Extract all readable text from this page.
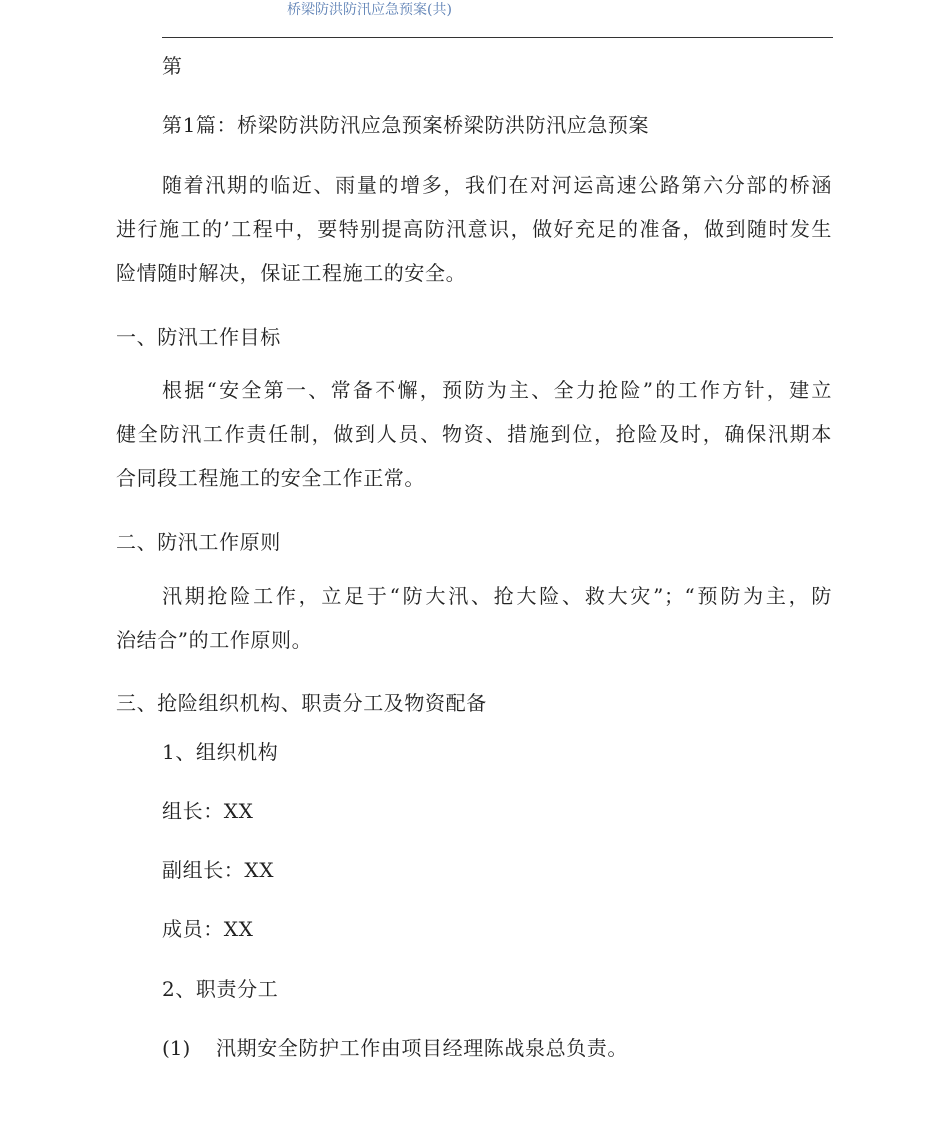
桥梁防洪防汛应急预案(共)
第
第1篇：桥梁防洪防汛应急预案桥梁防洪防汛应急预案
随着汛期的临近、雨量的增多，我们在对河运高速公路第六分部的桥涵
进行施工的’工程中，要特别提高防汛意识，做好充足的准备，做到随时发生
险情随时解决，保证工程施工的安全。
一、防汛工作目标
根据“安全第一、常备不懈，预防为主、全力抢险”的工作方针，建立
健全防汛工作责任制，做到人员、物资、措施到位，抢险及时，确保汛期本
合同段工程施工的安全工作正常。
二、防汛工作原则
汛期抢险工作，立足于“防大汛、抢大险、救大灾”；“预防为主，防
治结合”的工作原则。
三、抢险组织机构、职责分工及物资配备
1、组织机构
组长：XX
副组长：XX
成员：XX
2、职责分工
(1) 汛期安全防护工作由项目经理陈战泉总负责。
